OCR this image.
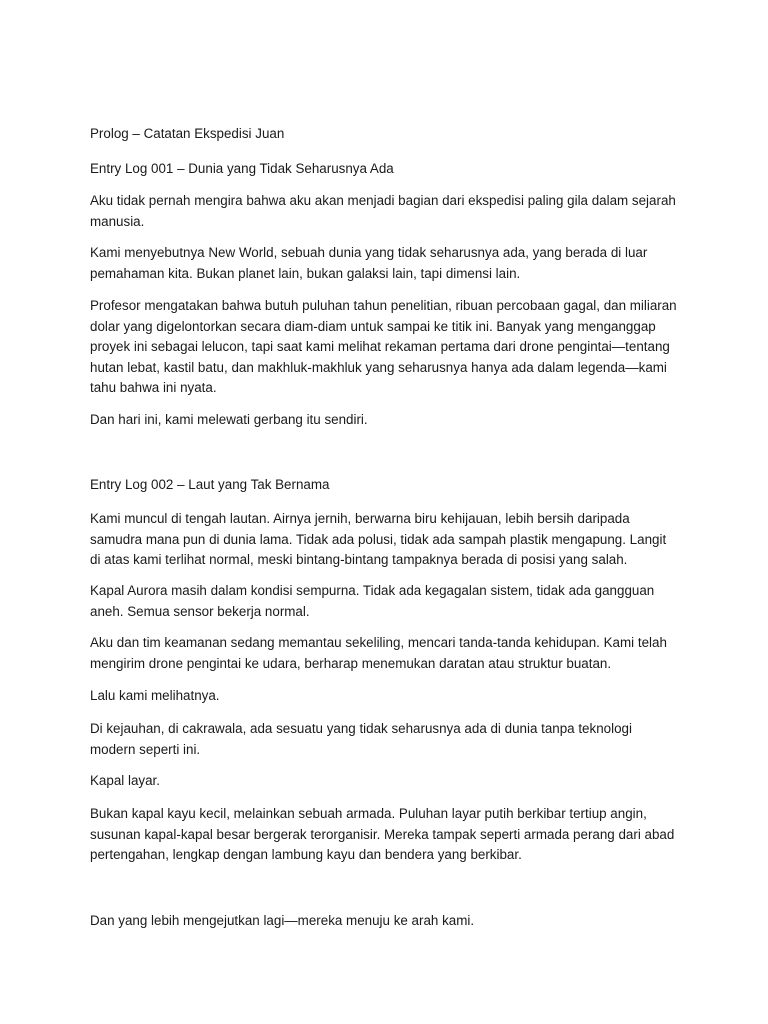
Prolog – Catatan Ekspedisi Juan

Entry Log 001 – Dunia yang Tidak Seharusnya Ada

Aku tidak pernah mengira bahwa aku akan menjadi bagian dari ekspedisi paling gila dalam sejarah manusia.

Kami menyebutnya New World, sebuah dunia yang tidak seharusnya ada, yang berada di luar pemahaman kita. Bukan planet lain, bukan galaksi lain, tapi dimensi lain.

Profesor mengatakan bahwa butuh puluhan tahun penelitian, ribuan percobaan gagal, dan miliaran dolar yang digelontorkan secara diam-diam untuk sampai ke titik ini. Banyak yang menganggap proyek ini sebagai lelucon, tapi saat kami melihat rekaman pertama dari drone pengintai—tentang hutan lebat, kastil batu, dan makhluk-makhluk yang seharusnya hanya ada dalam legenda—kami tahu bahwa ini nyata.

Dan hari ini, kami melewati gerbang itu sendiri.

Entry Log 002 – Laut yang Tak Bernama

Kami muncul di tengah lautan. Airnya jernih, berwarna biru kehijauan, lebih bersih daripada samudra mana pun di dunia lama. Tidak ada polusi, tidak ada sampah plastik mengapung. Langit di atas kami terlihat normal, meski bintang-bintang tampaknya berada di posisi yang salah.

Kapal Aurora masih dalam kondisi sempurna. Tidak ada kegagalan sistem, tidak ada gangguan aneh. Semua sensor bekerja normal.

Aku dan tim keamanan sedang memantau sekeliling, mencari tanda-tanda kehidupan. Kami telah mengirim drone pengintai ke udara, berharap menemukan daratan atau struktur buatan.

Lalu kami melihatnya.

Di kejauhan, di cakrawala, ada sesuatu yang tidak seharusnya ada di dunia tanpa teknologi modern seperti ini.

Kapal layar.

Bukan kapal kayu kecil, melainkan sebuah armada. Puluhan layar putih berkibar tertiup angin, susunan kapal-kapal besar bergerak terorganisir. Mereka tampak seperti armada perang dari abad pertengahan, lengkap dengan lambung kayu dan bendera yang berkibar.

Dan yang lebih mengejutkan lagi—mereka menuju ke arah kami.
